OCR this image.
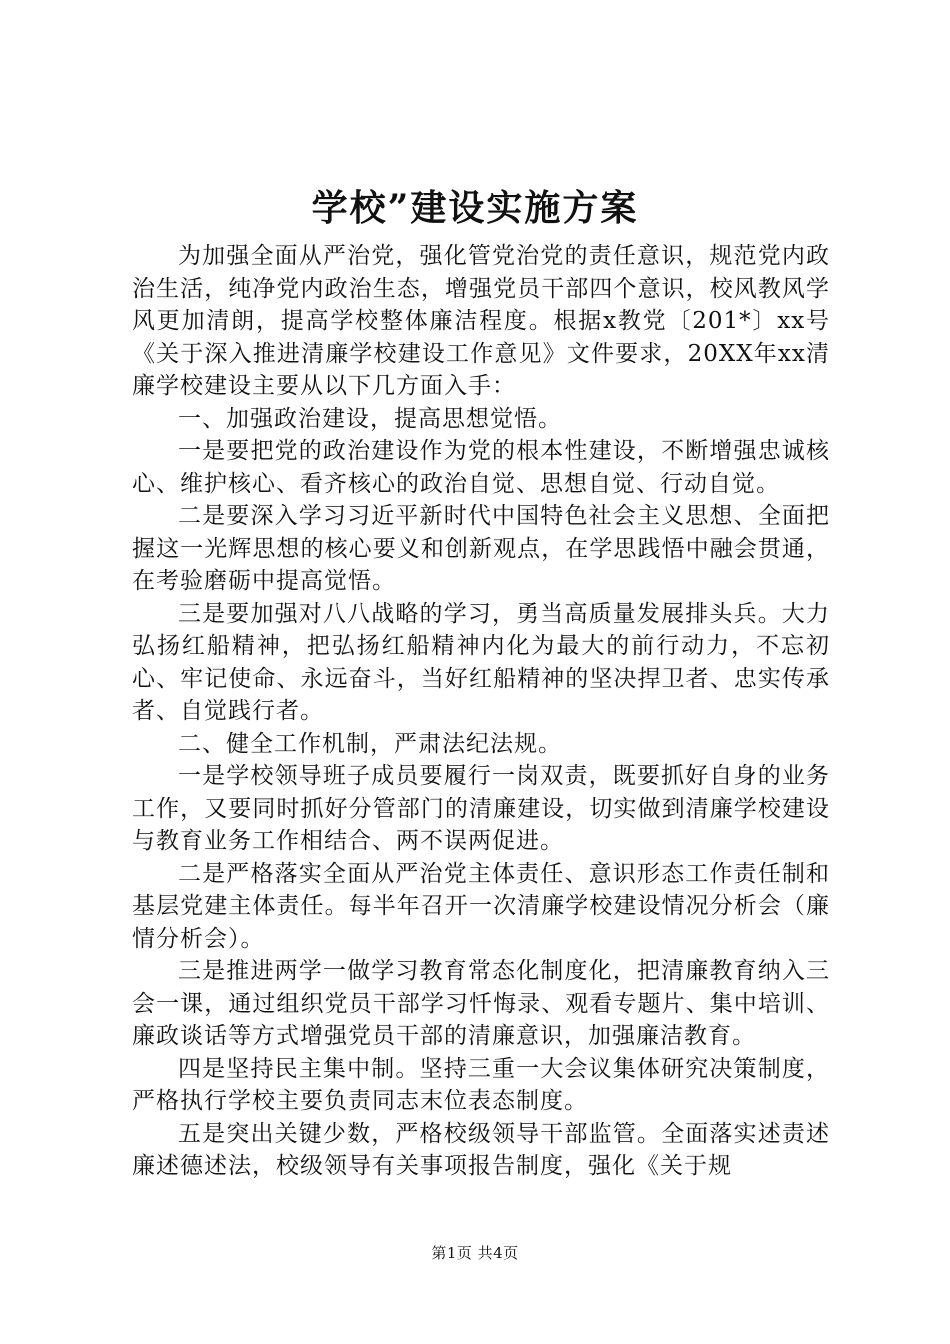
学校”建设实施方案

为加强全面从严治党，强化管党治党的责任意识，规范党内政治生活，纯净党内政治生态，增强党员干部四个意识，校风教风学风更加清朗，提高学校整体廉洁程度。根据x教党〔201*〕xx号《关于深入推进清廉学校建设工作意见》文件要求，20XX年xx清廉学校建设主要从以下几方面入手：

一、加强政治建设，提高思想觉悟。

一是要把党的政治建设作为党的根本性建设，不断增强忠诚核心、维护核心、看齐核心的政治自觉、思想自觉、行动自觉。

二是要深入学习习近平新时代中国特色社会主义思想、全面把握这一光辉思想的核心要义和创新观点，在学思践悟中融会贯通，在考验磨砺中提高觉悟。

三是要加强对八八战略的学习，勇当高质量发展排头兵。大力弘扬红船精神，把弘扬红船精神内化为最大的前行动力，不忘初心、牢记使命、永远奋斗，当好红船精神的坚决捍卫者、忠实传承者、自觉践行者。

二、健全工作机制，严肃法纪法规。

一是学校领导班子成员要履行一岗双责，既要抓好自身的业务工作，又要同时抓好分管部门的清廉建设，切实做到清廉学校建设与教育业务工作相结合、两不误两促进。

二是严格落实全面从严治党主体责任、意识形态工作责任制和基层党建主体责任。每半年召开一次清廉学校建设情况分析会（廉情分析会）。

三是推进两学一做学习教育常态化制度化，把清廉教育纳入三会一课，通过组织党员干部学习忏悔录、观看专题片、集中培训、廉政谈话等方式增强党员干部的清廉意识，加强廉洁教育。

四是坚持民主集中制。坚持三重一大会议集体研究决策制度，严格执行学校主要负责同志末位表态制度。

五是突出关键少数，严格校级领导干部监管。全面落实述责述廉述德述法，校级领导有关事项报告制度，强化《关于规

第1页 共4页
